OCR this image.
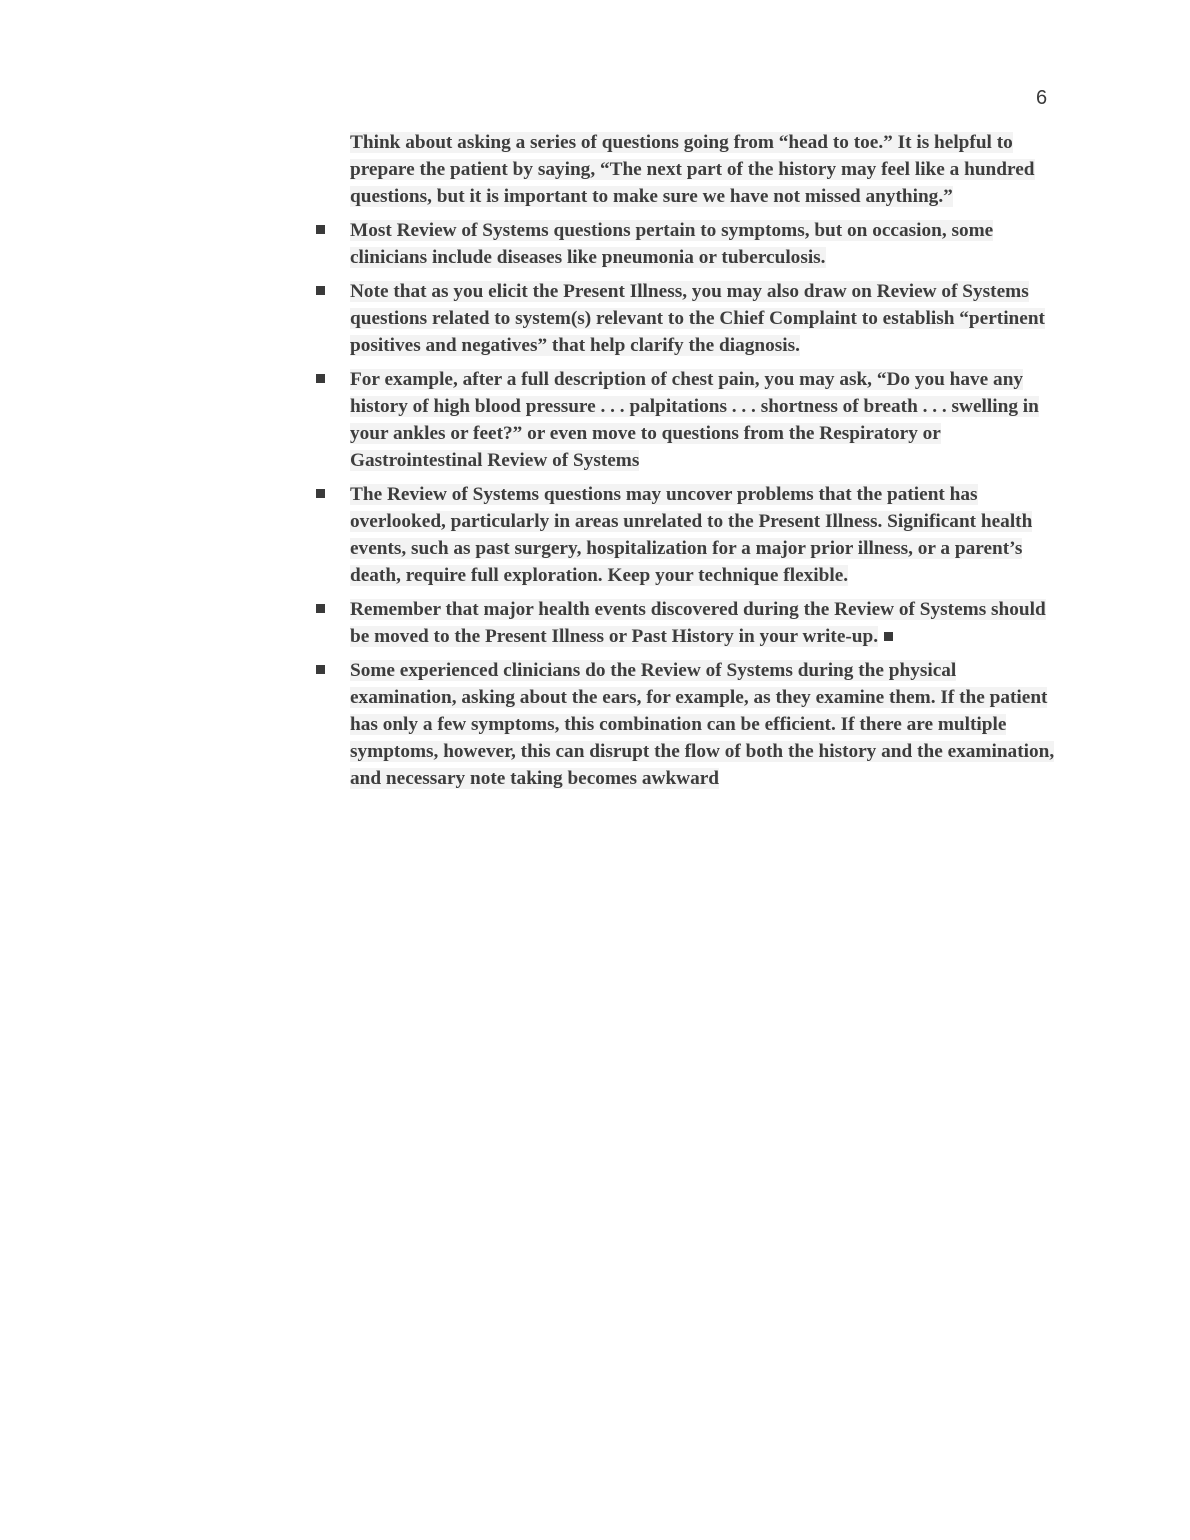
6

Think about asking a series of questions going from “head to toe.” It is helpful to prepare the patient by saying, “The next part of the history may feel like a hundred questions, but it is important to make sure we have not missed anything.”

Most Review of Systems questions pertain to symptoms, but on occasion, some clinicians include diseases like pneumonia or tuberculosis.

Note that as you elicit the Present Illness, you may also draw on Review of Systems questions related to system(s) relevant to the Chief Complaint to establish “pertinent positives and negatives” that help clarify the diagnosis.

For example, after a full description of chest pain, you may ask, “Do you have any history of high blood pressure . . . palpitations . . . shortness of breath . . . swelling in your ankles or feet?” or even move to questions from the Respiratory or Gastrointestinal Review of Systems

The Review of Systems questions may uncover problems that the patient has overlooked, particularly in areas unrelated to the Present Illness. Significant health events, such as past surgery, hospitalization for a major prior illness, or a parent’s death, require full exploration. Keep your technique flexible.

Remember that major health events discovered during the Review of Systems should be moved to the Present Illness or Past History in your write-up.

Some experienced clinicians do the Review of Systems during the physical examination, asking about the ears, for example, as they examine them. If the patient has only a few symptoms, this combination can be efficient. If there are multiple symptoms, however, this can disrupt the flow of both the history and the examination, and necessary note taking becomes awkward
